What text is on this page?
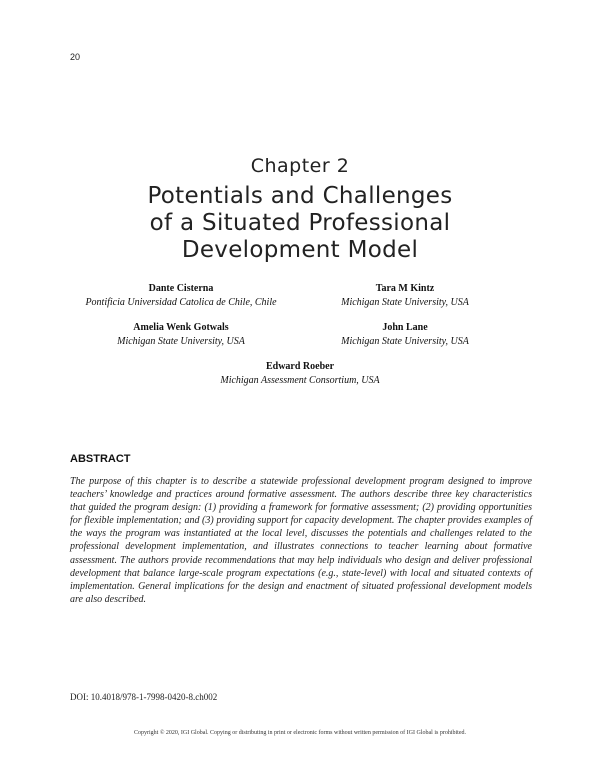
20
Chapter 2
Potentials and Challenges
of a Situated Professional
Development Model
Dante Cisterna
Pontificia Universidad Catolica de Chile, Chile
Tara M Kintz
Michigan State University, USA
Amelia Wenk Gotwals
Michigan State University, USA
John Lane
Michigan State University, USA
Edward Roeber
Michigan Assessment Consortium, USA
ABSTRACT

The purpose of this chapter is to describe a statewide professional development program designed to improve teachers’ knowledge and practices around formative assessment. The authors describe three key characteristics that guided the program design: (1) providing a framework for formative assessment; (2) providing opportunities for flexible implementation; and (3) providing support for capacity development. The chapter provides examples of the ways the program was instantiated at the local level, discusses the potentials and challenges related to the professional development implementation, and illustrates connections to teacher learning about formative assessment. The authors provide recommendations that may help individuals who design and deliver professional development that balance large-scale program expectations (e.g., state-level) with local and situated contexts of implementation. General implications for the design and enactment of situated professional development models are also described.

DOI: 10.4018/978-1-7998-0420-8.ch002
Copyright © 2020, IGI Global. Copying or distributing in print or electronic forms without written permission of IGI Global is prohibited.
